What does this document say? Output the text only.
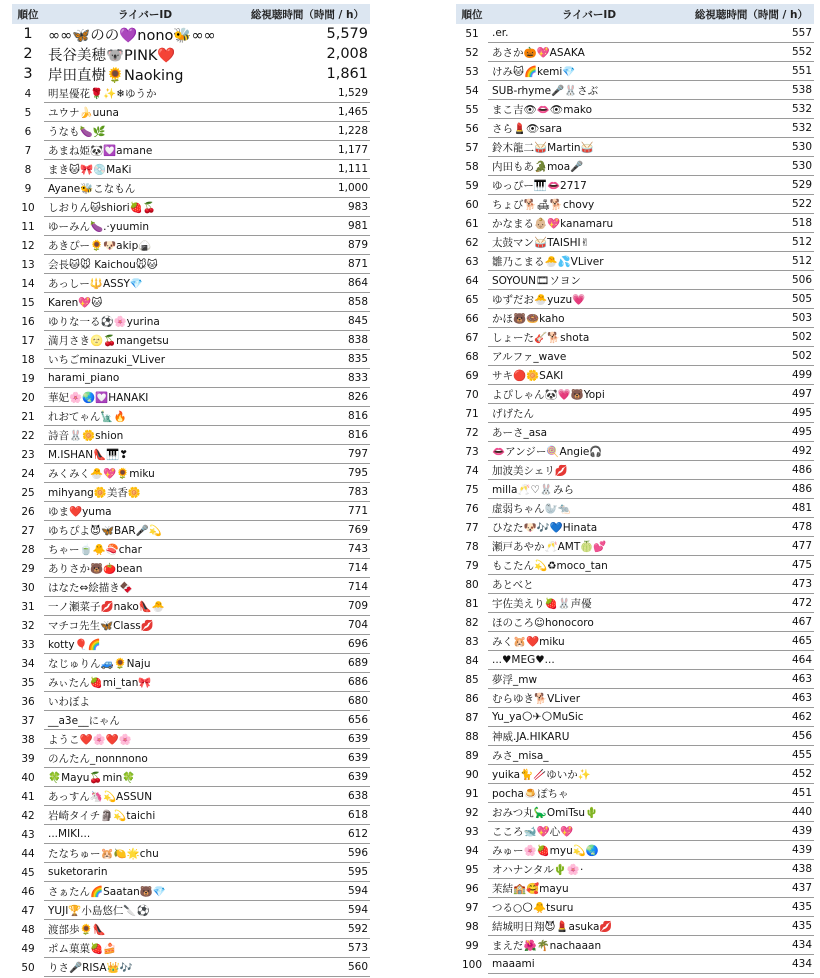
順位	ライバーID	総視聴時間（時間 / h）
1	∞∞🦋のの💜nono🐝∞∞	5,579
2	長谷美穂🐨PINK❤️	2,008
3	岸田直樹🌻Naoking	1,861
4	明星優花🌹✨❄ゆうか	1,529
5	ユウナ🍌uuna	1,465
6	うなも🍆🌿	1,228
7	あまね姫🐼💟amane	1,177
8	まき🐱🎀💿MaKi	1,111
9	Ayane🐝こなもん	1,000
10	しおりん🐱shiori🍓🍒	983
11	ゆーみん🍆.·yuumin	981
12	あきぴー🌻🐶akip🍙	879
13	会長🐱🐭 Kaichou🐭🐱	871
14	あっしー🔱ASSY💎	864
15	Karen💖🐱	858
16	ゆりな一る⚽🌸yurina	845
17	満月さき🌝🍒mangetsu	838
18	いちごminazuki_VLiver	835
19	harami_piano	833
20	華妃🌸🌏💟HANAKI	826
21	れおてゃん🗽🔥	816
22	詩音🐰🌼shion	816
23	M.ISHAN👠🎹❣	797
24	みくみく🐣💖🌻miku	795
25	mihyang🌼美香🌼	783
26	ゆま❤️yuma	771
27	ゆちぴよ😈🦋BAR🎤💫	769
28	ちゃー🍵🐥🍣char	743
29	ありさか🐻🍅bean	714
30	はなた⇔絵描き🍫	714
31	一ノ瀬菜子💋nako👠🐣	709
32	マチコ先生🦋Class💋	704
33	kotty🎈🌈	696
34	なじゅりん🚙🌻Naju	689
35	みぃたん🍓mi_tan🎀	686
36	いわぼよ	680
37	__a3e__にゃん	656
38	ようこ❤️🌸❤️🌸	639
39	のんたん_nonnnono	639
40	🍀Mayu🍒min🍀	639
41	あっすん🦄💫ASSUN	638
42	岩崎タイチ🗿💫taichi	618
43	...MIKI...	612
44	たなちゅー🐹🍋🌟chu	596
45	suketorarin	595
46	さぁたん🌈Saatan🐻💎	594
47	YUJI🏆小島悠仁🔪⚽	594
48	渡部歩🌻👠	592
49	ポム菓菓🍓🍰	573
50	りさ🎤RISA👑🎶	560
順位	ライバーID	総視聴時間（時間 / h）
51	.er.	557
52	あさか🎃💖ASAKA	552
53	けみ🐱🌈kemi💎	551
54	SUB-rhyme🎤🐰さぶ	538
55	まこ吉👁👄👁mako	532
56	さら💄👁sara	532
57	鈴木龍二🥁Martin🥁	530
58	内田もあ🐊moa🎤	530
59	ゆっぴー🎹👄2717	529
60	ちょび🐕🛋🐕chovy	522
61	かなまる👶🏼💖kanamaru	518
62	太鼓マン🥁TAISHI✌	512
63	雛乃こまる🐣💦VLiver	512
64	SOYOUN🎞ソヨン	506
65	ゆずだお🐣yuzu💗	505
66	かほ🐻🍩kaho	503
67	しょーた🎸🐕shota	502
68	アルファ_wave	502
69	サキ🔴🌼SAKI	499
70	よぴしゃん🐼💗🐻Yopi	497
71	げげたん	495
72	あーさ_asa	495
73	👄アンジー🍭Angie🎧	492
74	加波美シェリ💋	486
75	milla🥂♡🐰みら	486
76	虚弱ちゃん🦭🐀	481
77	ひなた🐶🎶💙Hinata	478
78	瀬戸あやか🥂AMT🍈💕	477
79	もこたん💫♻moco_tan	475
80	あとべと	473
81	宇佐美えり🍓🐰声優	472
82	ほのころ☺honocoro	467
83	みく🐹❤️miku	465
84	...♥MEG♥...	464
85	夢浮_mw	463
86	むらゆき🐕VLiver	463
87	Yu_ya🌕✈🌕MuSic	462
88	神威.JA.HIKARU	456
89	みさ_misa_	455
90	yuika🐈🥢ゆいか✨	452
91	pocha🍮ぽちゃ	451
92	おみつ丸🦕OmiTsu🌵	440
93	こころ🐋💖心💖	439
94	みゅー🌸🍓myu💫🌏	439
95	オハナンタル🌵🌸·	438
96	茉結🏫🥰mayu	437
97	つる○🌕🐥tsuru	435
98	結城明日翔😈💄asuka💋	435
99	まえだ🌺🌴nachaaan	434
100 maaami	434
